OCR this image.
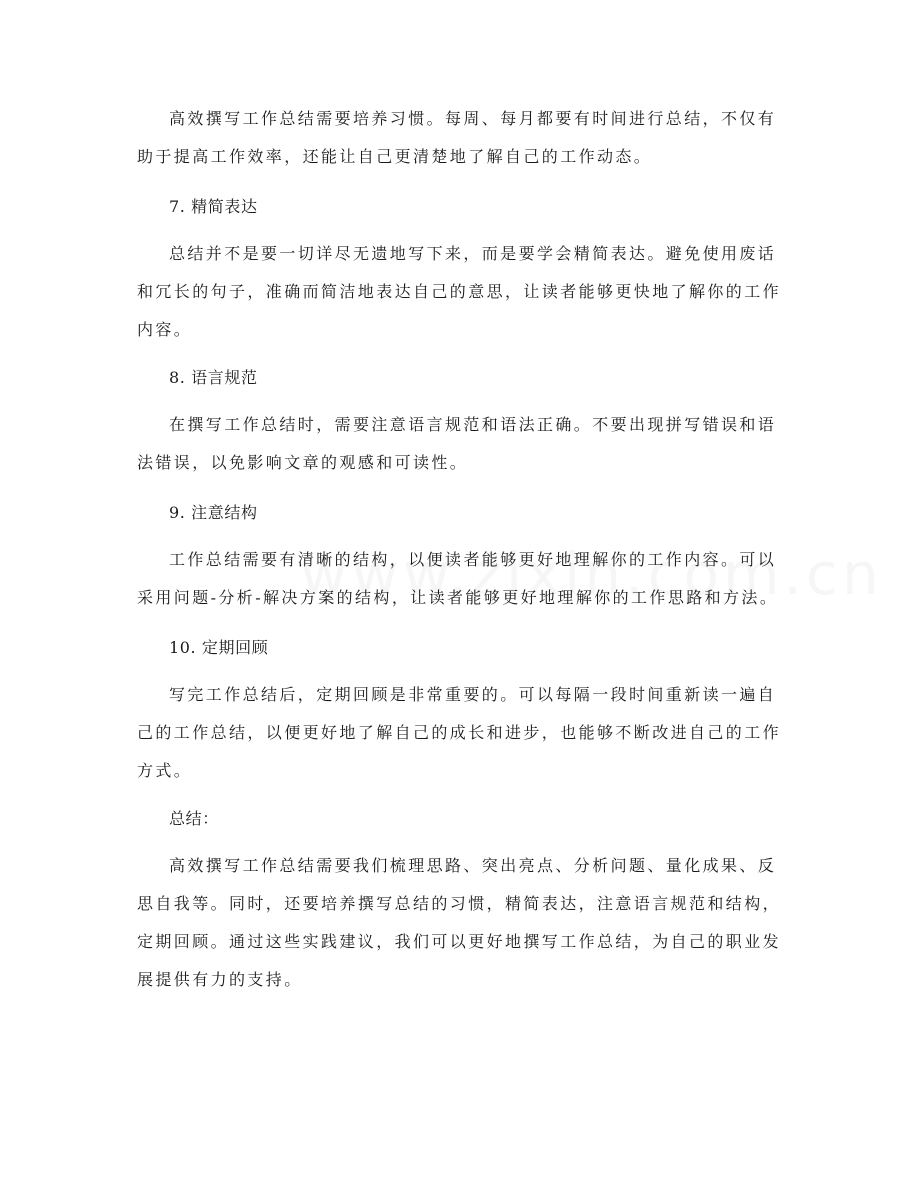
高效撰写工作总结需要培养习惯。每周、每月都要有时间进行总结，不仅有助于提高工作效率，还能让自己更清楚地了解自己的工作动态。

7. 精简表达

总结并不是要一切详尽无遗地写下来，而是要学会精简表达。避免使用废话和冗长的句子，准确而简洁地表达自己的意思，让读者能够更快地了解你的工作内容。

8. 语言规范

在撰写工作总结时，需要注意语言规范和语法正确。不要出现拼写错误和语法错误，以免影响文章的观感和可读性。

9. 注意结构

工作总结需要有清晰的结构，以便读者能够更好地理解你的工作内容。可以采用问题-分析-解决方案的结构，让读者能够更好地理解你的工作思路和方法。

10. 定期回顾

写完工作总结后，定期回顾是非常重要的。可以每隔一段时间重新读一遍自己的工作总结，以便更好地了解自己的成长和进步，也能够不断改进自己的工作方式。

总结：

高效撰写工作总结需要我们梳理思路、突出亮点、分析问题、量化成果、反思自我等。同时，还要培养撰写总结的习惯，精简表达，注意语言规范和结构，定期回顾。通过这些实践建议，我们可以更好地撰写工作总结，为自己的职业发展提供有力的支持。
